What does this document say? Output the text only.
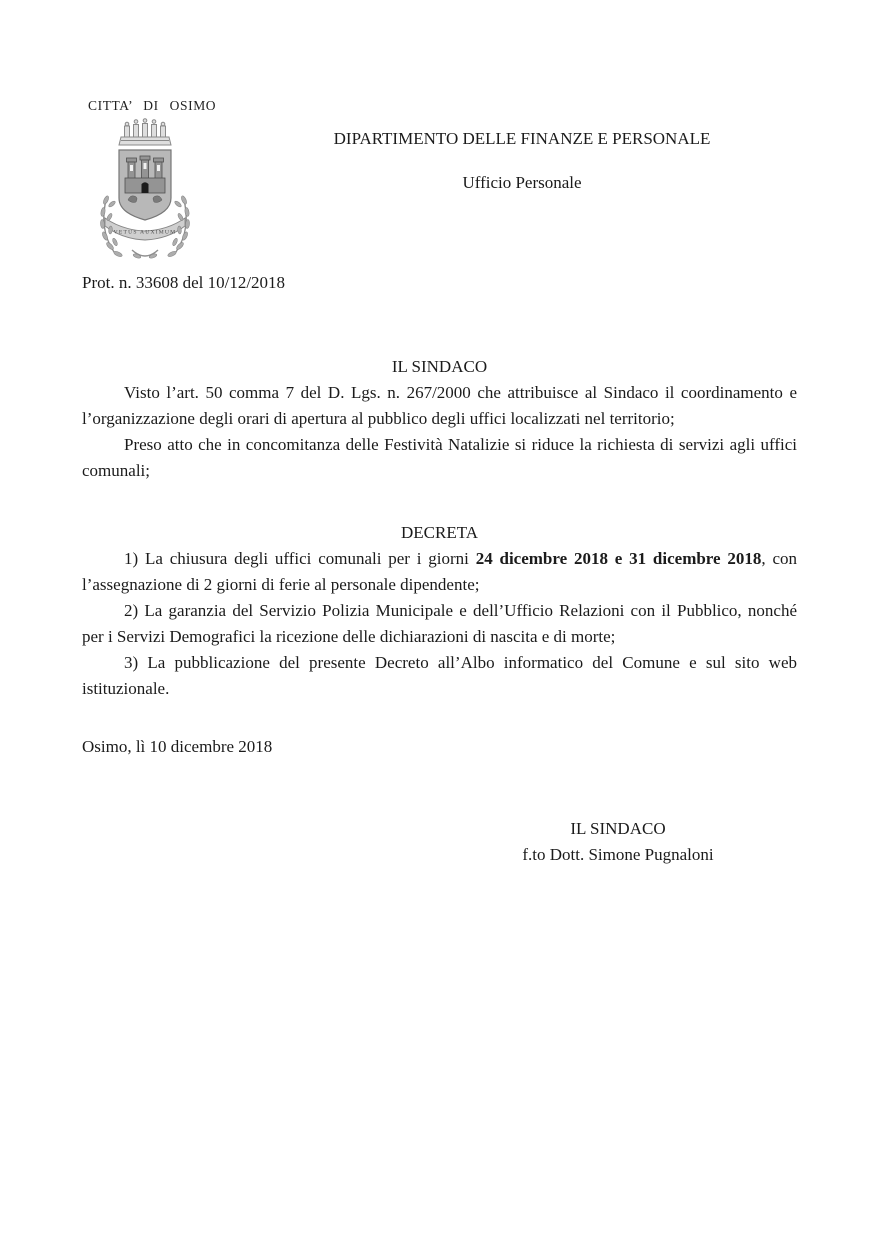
CITTA’ DI OSIMO
VETUS AUXIMUM
DIPARTIMENTO DELLE FINANZE E PERSONALE
Ufficio Personale
Prot. n. 33608 del 10/12/2018
IL SINDACO

Visto l’art. 50 comma 7 del D. Lgs. n. 267/2000 che attribuisce al Sindaco il coordinamento e l’organizzazione degli orari di apertura al pubblico degli uffici localizzati nel territorio;

Preso atto che in concomitanza delle Festività Natalizie si riduce la richiesta di servizi agli uffici comunali;

DECRETA

1) La chiusura degli uffici comunali per i giorni 24 dicembre 2018 e 31 dicembre 2018, con l’assegnazione di 2 giorni di ferie al personale dipendente;

2) La garanzia del Servizio Polizia Municipale e dell’Ufficio Relazioni con il Pubblico, nonché per i Servizi Demografici la ricezione delle dichiarazioni di nascita e di morte;

3) La pubblicazione del presente Decreto all’Albo informatico del Comune e sul sito web istituzionale.

Osimo, lì 10 dicembre 2018
IL SINDACO
f.to Dott. Simone Pugnaloni
